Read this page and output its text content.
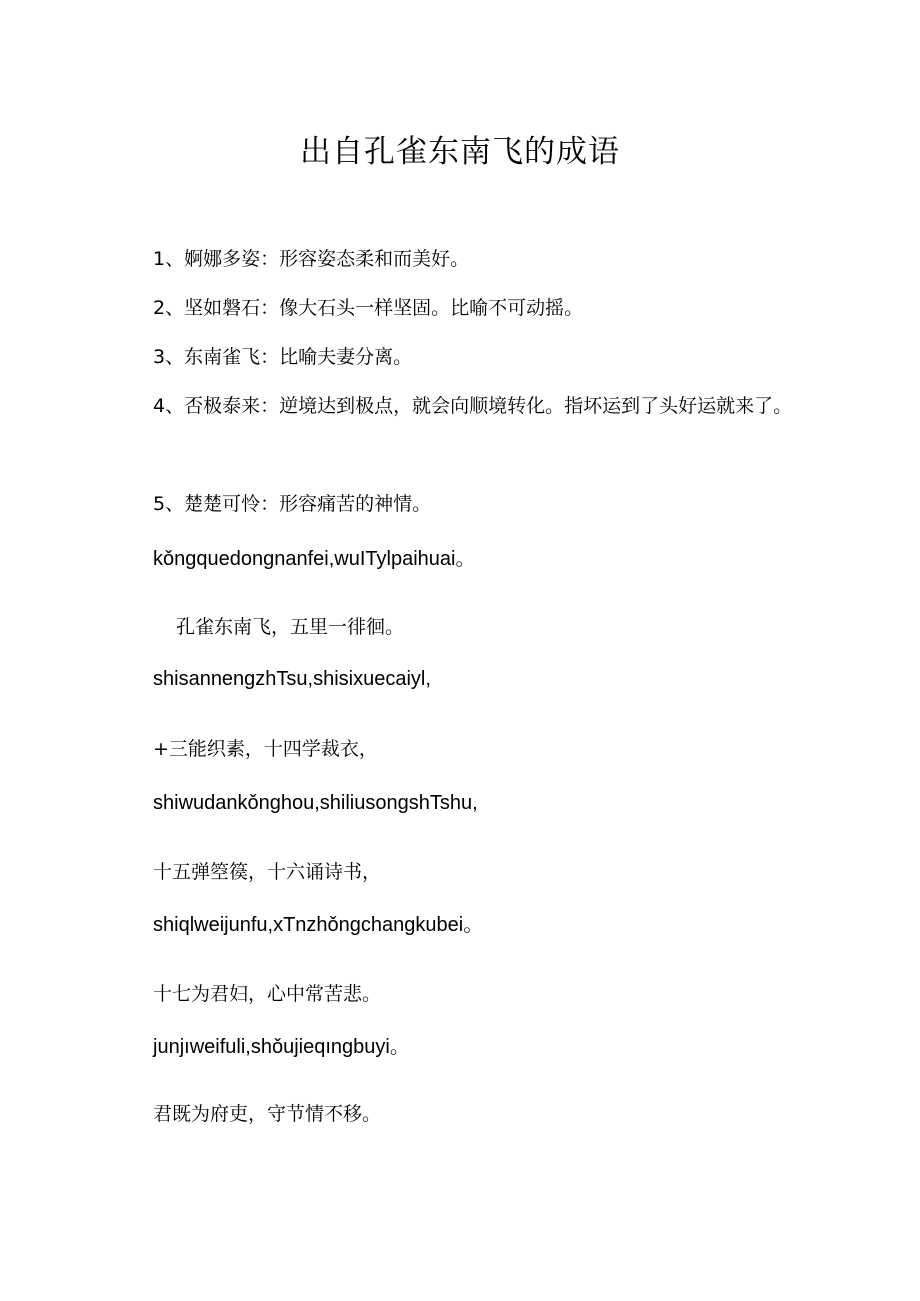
出自孔雀东南飞的成语
1、婀娜多姿：形容姿态柔和而美好。
2、坚如磐石：像大石头一样坚固。比喻不可动摇。
3、东南雀飞：比喻夫妻分离。
4、否极泰来：逆境达到极点，就会向顺境转化。指坏运到了头好运就来了。
5、楚楚可怜：形容痛苦的神情。
kǒngquedongnanfei,wuITylpaihuai。
孔雀东南飞，五里一徘徊。
shisannengzhTsu,shisixuecaiyl,
+三能织素，十四学裁衣，
shiwudankǒnghou,shiliusongshTshu,
十五弹箜篌，十六诵诗书，
shiqlweijunfu,xTnzhǒngchangkubei。
十七为君妇，心中常苦悲。
junjıweifuli,shǒujieqıngbuyi。
君既为府吏，守节情不移。
